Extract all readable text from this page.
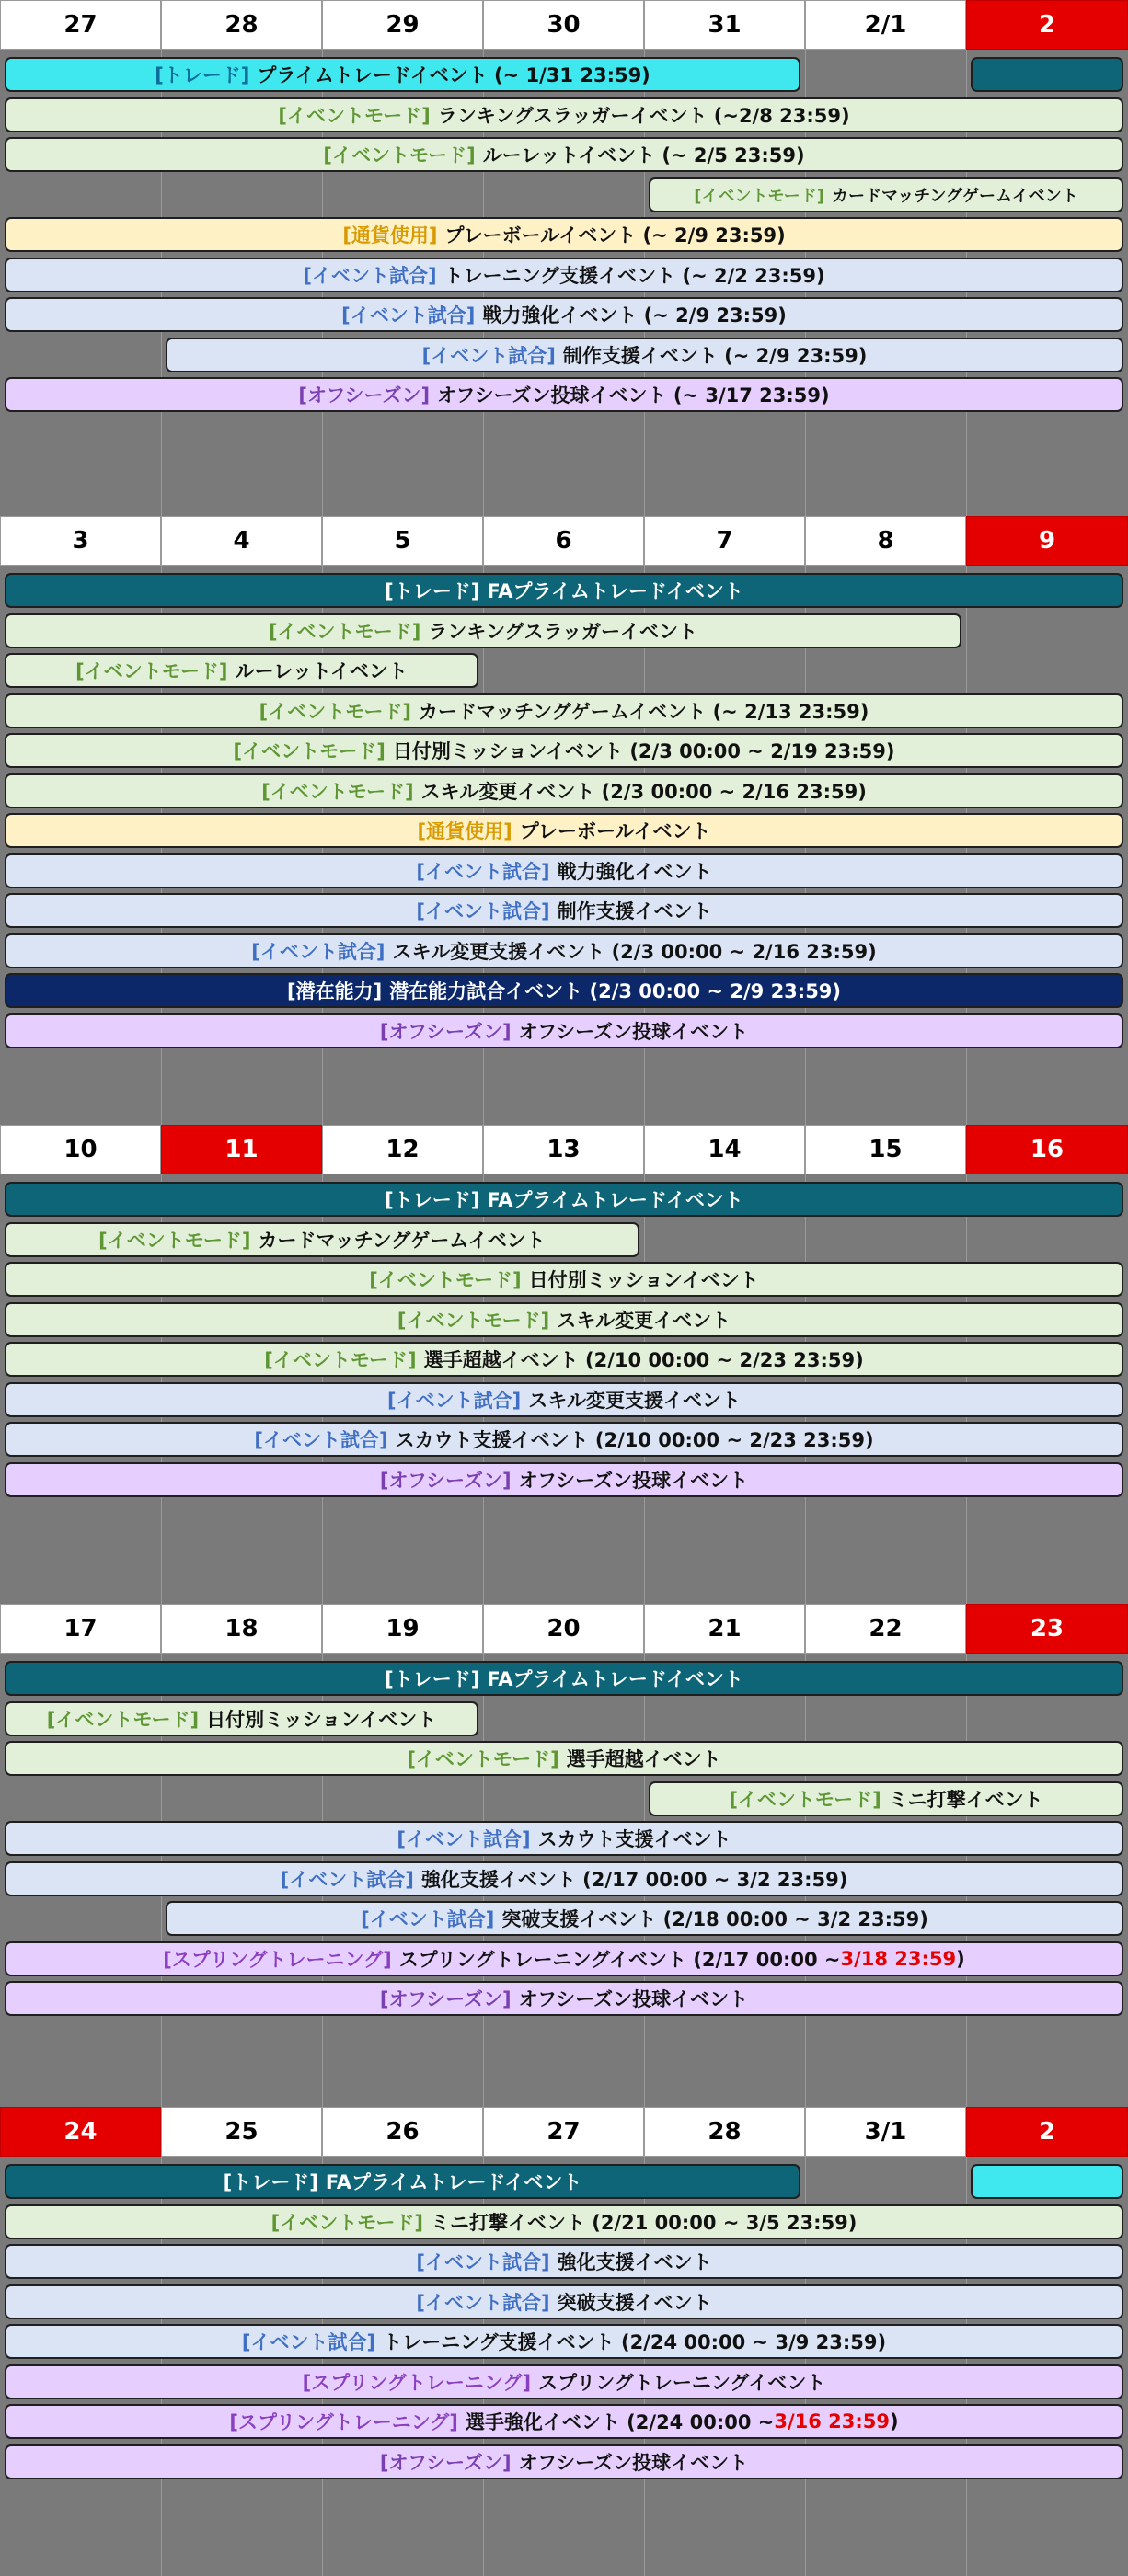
27	28	29	30	31	2/1	2
[トレード] プライムトレードイベント (~ 1/31 23:59)
[イベントモード] ランキングスラッガーイベント (~2/8 23:59)
[イベントモード] ルーレットイベント (~ 2/5 23:59)
[イベントモード] カードマッチングゲームイベント
[通貨使用] プレーボールイベント (~ 2/9 23:59)
[イベント試合] トレーニング支援イベント (~ 2/2 23:59)
[イベント試合] 戦力強化イベント (~ 2/9 23:59)
[イベント試合] 制作支援イベント (~ 2/9 23:59)
[オフシーズン] オフシーズン投球イベント (~ 3/17 23:59)
3	4	5	6	7	8	9
[トレード] FAプライムトレードイベント
[イベントモード] ランキングスラッガーイベント
[イベントモード] ルーレットイベント
[イベントモード] カードマッチングゲームイベント (~ 2/13 23:59)
[イベントモード] 日付別ミッションイベント (2/3 00:00 ~ 2/19 23:59)
[イベントモード] スキル変更イベント (2/3 00:00 ~ 2/16 23:59)
[通貨使用] プレーボールイベント
[イベント試合] 戦力強化イベント
[イベント試合] 制作支援イベント
[イベント試合] スキル変更支援イベント (2/3 00:00 ~ 2/16 23:59)
[潜在能力] 潜在能力試合イベント (2/3 00:00 ~ 2/9 23:59)
[オフシーズン] オフシーズン投球イベント
10	11	12	13	14	15	16
[トレード] FAプライムトレードイベント
[イベントモード] カードマッチングゲームイベント
[イベントモード] 日付別ミッションイベント
[イベントモード] スキル変更イベント
[イベントモード] 選手超越イベント (2/10 00:00 ~ 2/23 23:59)
[イベント試合] スキル変更支援イベント
[イベント試合] スカウト支援イベント (2/10 00:00 ~ 2/23 23:59)
[オフシーズン] オフシーズン投球イベント
17	18	19	20	21	22	23
[トレード] FAプライムトレードイベント
[イベントモード] 日付別ミッションイベント
[イベントモード] 選手超越イベント
[イベントモード] ミニ打撃イベント
[イベント試合] スカウト支援イベント
[イベント試合] 強化支援イベント (2/17 00:00 ~ 3/2 23:59)
[イベント試合] 突破支援イベント (2/18 00:00 ~ 3/2 23:59)
[スプリングトレーニング] スプリングトレーニングイベント (2/17 00:00 ~ 3/18 23:59 )
[オフシーズン] オフシーズン投球イベント
24	25	26	27	28	3/1	2
[トレード] FAプライムトレードイベント
[イベントモード] ミニ打撃イベント (2/21 00:00 ~ 3/5 23:59)
[イベント試合] 強化支援イベント
[イベント試合] 突破支援イベント
[イベント試合] トレーニング支援イベント (2/24 00:00 ~ 3/9 23:59)
[スプリングトレーニング] スプリングトレーニングイベント
[スプリングトレーニング] 選手強化イベント (2/24 00:00 ~ 3/16 23:59 )
[オフシーズン] オフシーズン投球イベント
